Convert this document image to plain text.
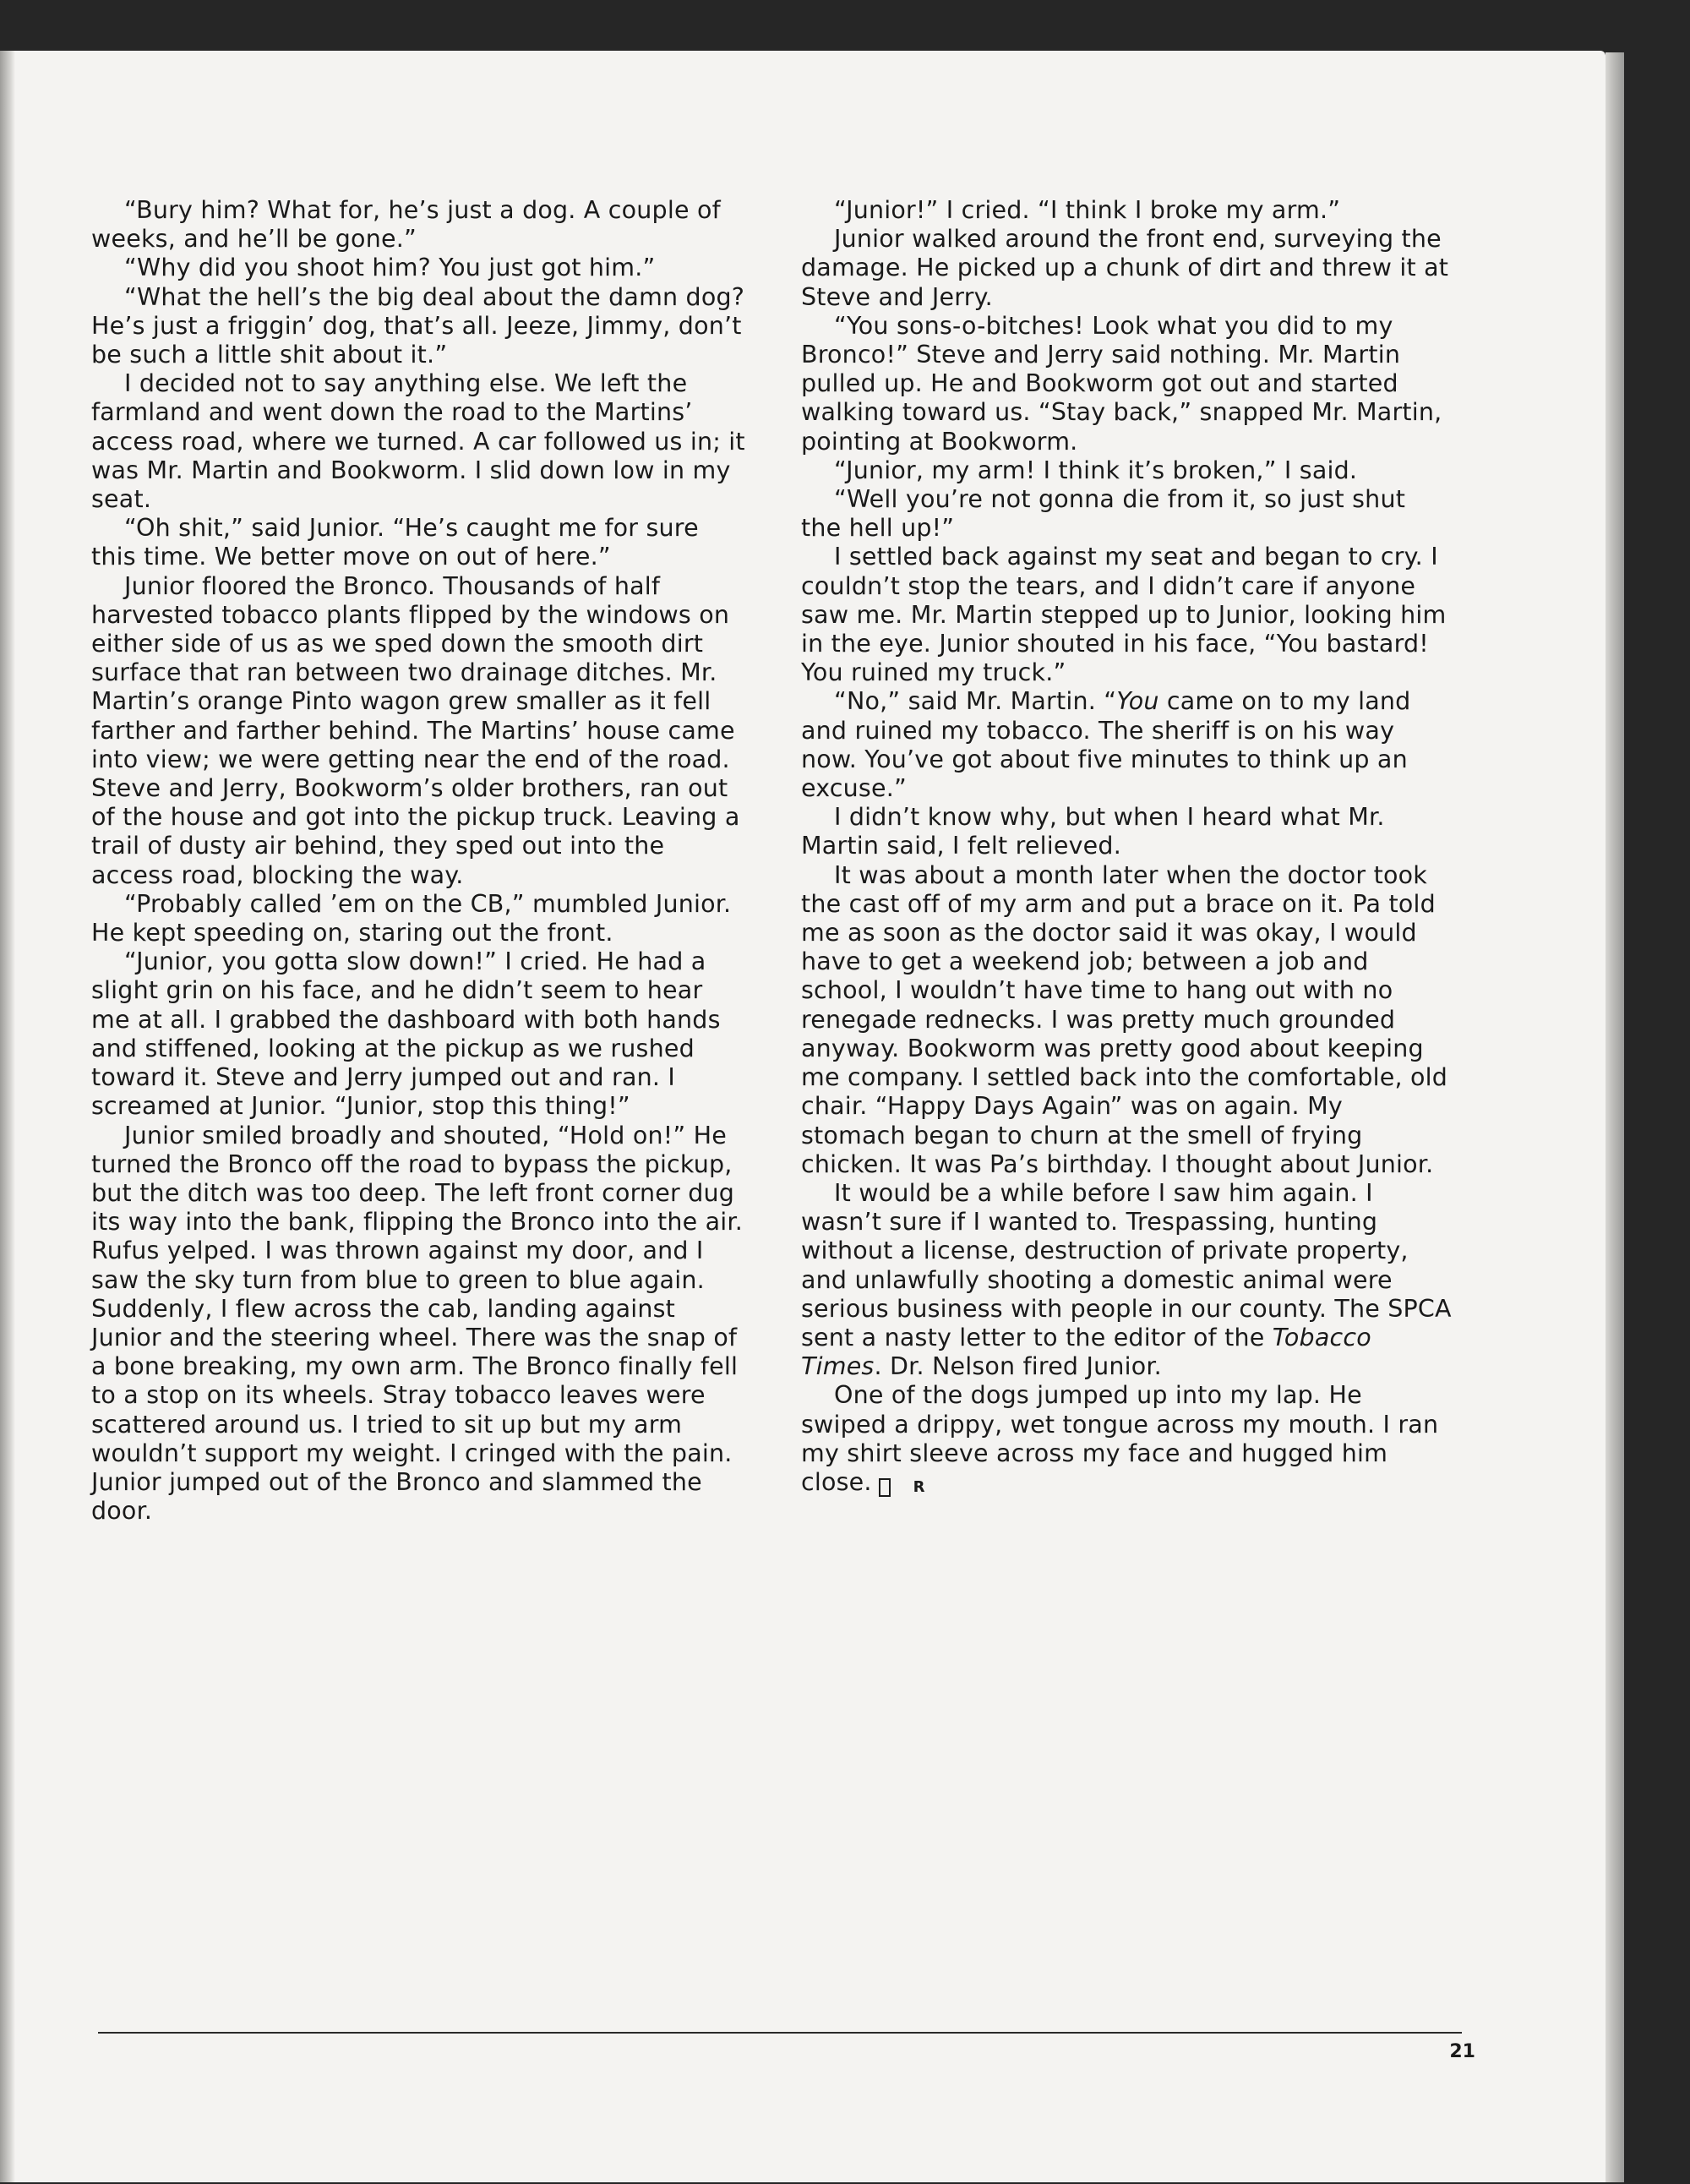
“Bury him? What for, he’s just a dog. A couple of weeks, and he’ll be gone.”

“Why did you shoot him? You just got him.”

“What the hell’s the big deal about the damn dog? He’s just a friggin’ dog, that’s all. Jeeze, Jimmy, don’t be such a little shit about it.”

I decided not to say anything else. We left the farmland and went down the road to the Martins’ access road, where we turned. A car followed us in; it was Mr. Martin and Bookworm. I slid down low in my seat.

“Oh shit,” said Junior. “He’s caught me for sure this time. We better move on out of here.”

Junior floored the Bronco. Thousands of half harvested tobacco plants flipped by the windows on either side of us as we sped down the smooth dirt surface that ran between two drainage ditches. Mr. Martin’s orange Pinto wagon grew smaller as it fell farther and farther behind. The Martins’ house came into view; we were getting near the end of the road. Steve and Jerry, Bookworm’s older brothers, ran out of the house and got into the pickup truck. Leaving a trail of dusty air behind, they sped out into the access road, blocking the way.

“Probably called ’em on the CB,” mumbled Junior. He kept speeding on, staring out the front.

“Junior, you gotta slow down!” I cried. He had a slight grin on his face, and he didn’t seem to hear me at all. I grabbed the dashboard with both hands and stiffened, looking at the pickup as we rushed toward it. Steve and Jerry jumped out and ran. I screamed at Junior. “Junior, stop this thing!”

Junior smiled broadly and shouted, “Hold on!” He turned the Bronco off the road to bypass the pickup, but the ditch was too deep. The left front corner dug its way into the bank, flipping the Bronco into the air. Rufus yelped. I was thrown against my door, and I saw the sky turn from blue to green to blue again. Suddenly, I flew across the cab, landing against Junior and the steering wheel. There was the snap of a bone breaking, my own arm. The Bronco finally fell to a stop on its wheels. Stray tobacco leaves were scattered around us. I tried to sit up but my arm wouldn’t support my weight. I cringed with the pain. Junior jumped out of the Bronco and slammed the door.

“Junior!” I cried. “I think I broke my arm.”

Junior walked around the front end, surveying the damage. He picked up a chunk of dirt and threw it at Steve and Jerry.

“You sons-o-bitches! Look what you did to my Bronco!” Steve and Jerry said nothing. Mr. Martin pulled up. He and Bookworm got out and started walking toward us. “Stay back,” snapped Mr. Martin, pointing at Bookworm.

“Junior, my arm! I think it’s broken,” I said.

“Well you’re not gonna die from it, so just shut the hell up!”

I settled back against my seat and began to cry. I couldn’t stop the tears, and I didn’t care if anyone saw me. Mr. Martin stepped up to Junior, looking him in the eye. Junior shouted in his face, “You bastard! You ruined my truck.”

“No,” said Mr. Martin. “You came on to my land and ruined my tobacco. The sheriff is on his way now. You’ve got about five minutes to think up an excuse.”

I didn’t know why, but when I heard what Mr. Martin said, I felt relieved.

It was about a month later when the doctor took the cast off of my arm and put a brace on it. Pa told me as soon as the doctor said it was okay, I would have to get a weekend job; between a job and school, I wouldn’t have time to hang out with no renegade rednecks. I was pretty much grounded anyway. Bookworm was pretty good about keeping me company. I settled back into the comfortable, old chair. “Happy Days Again” was on again. My stomach began to churn at the smell of frying chicken. It was Pa’s birthday. I thought about Junior.

It would be a while before I saw him again. I wasn’t sure if I wanted to. Trespassing, hunting without a license, destruction of private property, and unlawfully shooting a domestic animal were serious business with people in our county. The SPCA sent a nasty letter to the editor of the Tobacco Times. Dr. Nelson fired Junior.

One of the dogs jumped up into my lap. He swiped a drippy, wet tongue across my mouth. I ran my shirt sleeve across my face and hugged him close.	R

21
